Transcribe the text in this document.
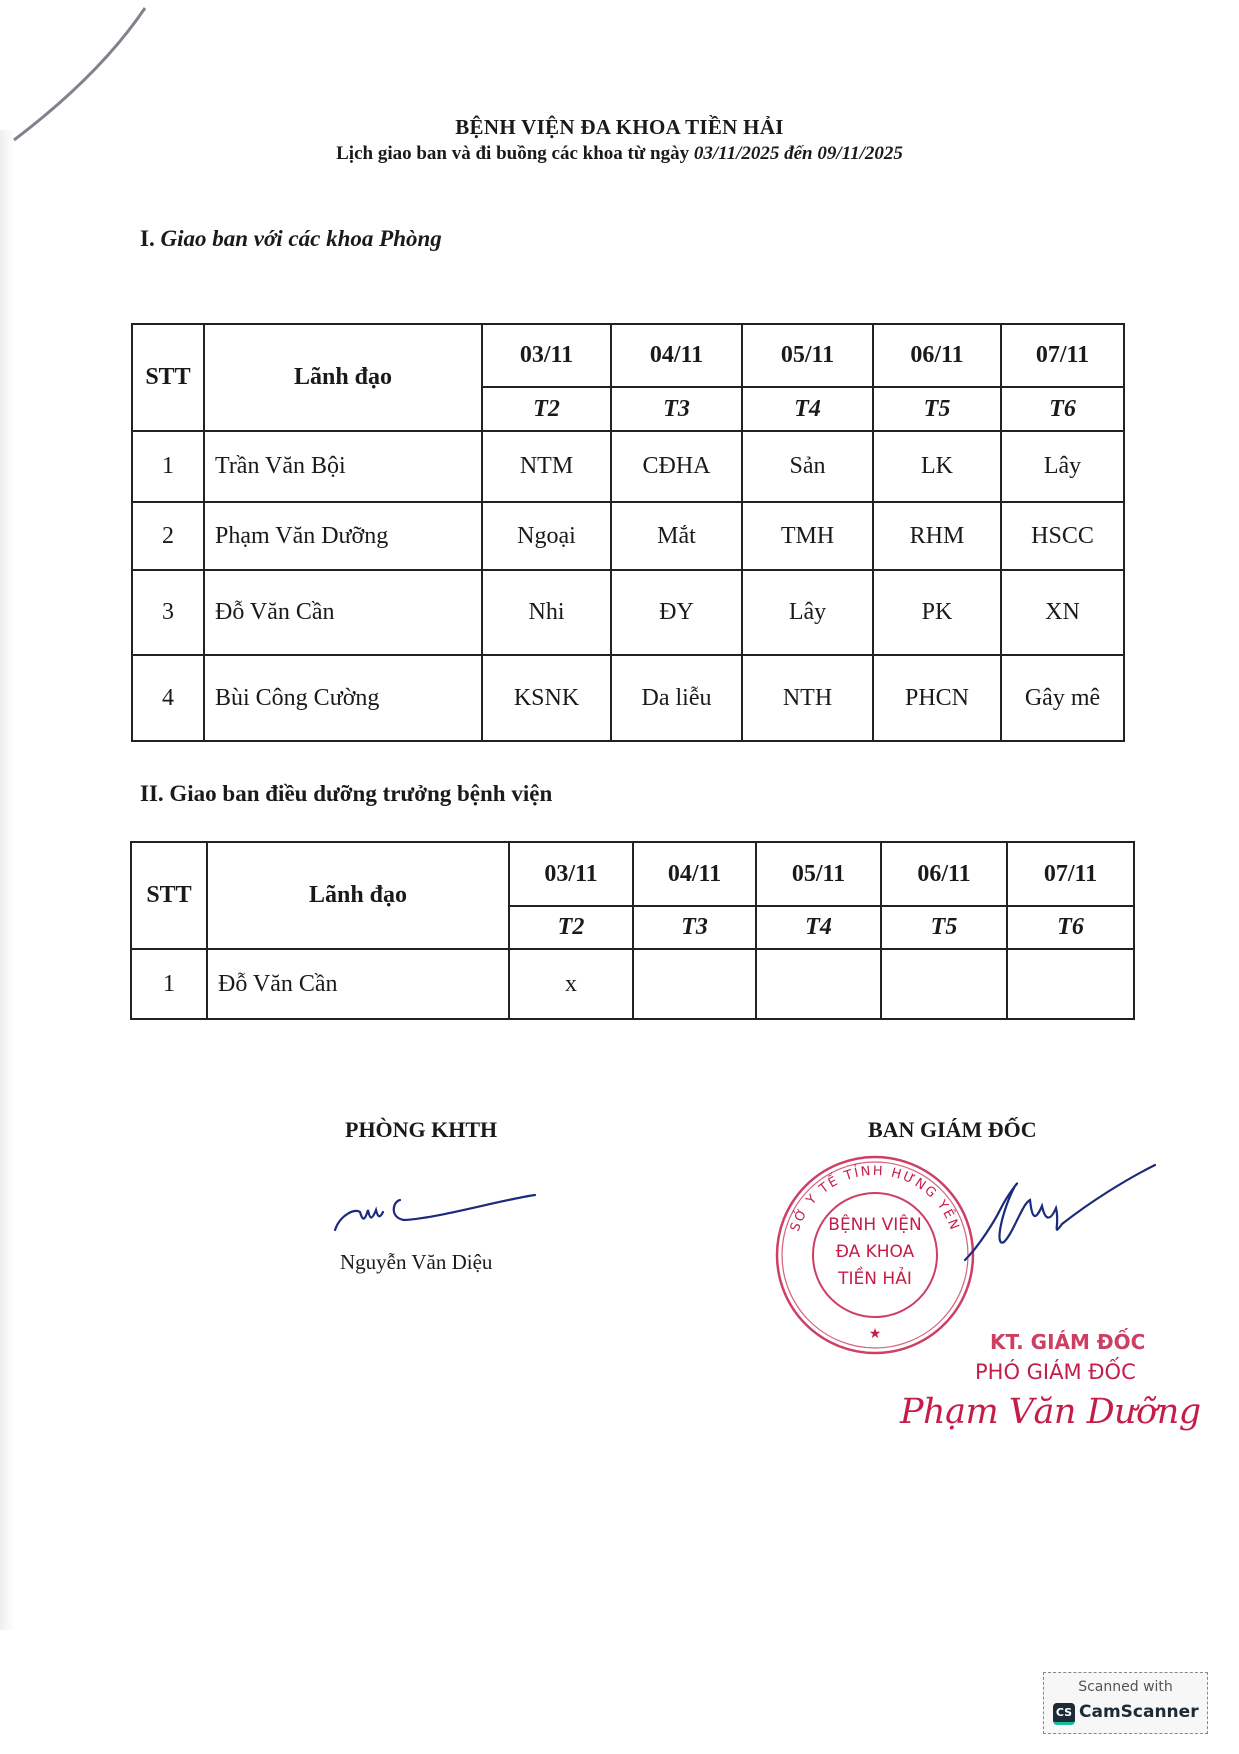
BỆNH VIỆN ĐA KHOA TIỀN HẢI
Lịch giao ban và đi buồng các khoa từ ngày 03/11/2025 đến 09/11/2025
I. Giao ban với các khoa Phòng
STT	Lãnh đạo	03/11	04/11	05/11	06/11	07/11
		T2	T3	T4	T5	T6
1	Trần Văn Bội	NTM	CĐHA	Sản	LK	Lây
2	Phạm Văn Dưỡng	Ngoại	Mắt	TMH	RHM	HSCC
3	Đỗ Văn Cần	Nhi	ĐY	Lây	PK	XN
4	Bùi Công Cường	KSNK	Da liễu	NTH	PHCN	Gây mê
II. Giao ban điều dưỡng trưởng bệnh viện
STT	Lãnh đạo	03/11	04/11	05/11	06/11	07/11
		T2	T3	T4	T5	T6
1	Đỗ Văn Cần	x				
PHÒNG KHTH
Nguyễn Văn Diệu
BAN GIÁM ĐỐC
SỞ Y TẾ TỈNH HƯNG YÊN
★
BỆNH VIỆN
ĐA KHOA
TIỀN HẢI
KT. GIÁM ĐỐC
PHÓ GIÁM ĐỐC
Phạm Văn Dưỡng
Scanned with
CS CamScanner
